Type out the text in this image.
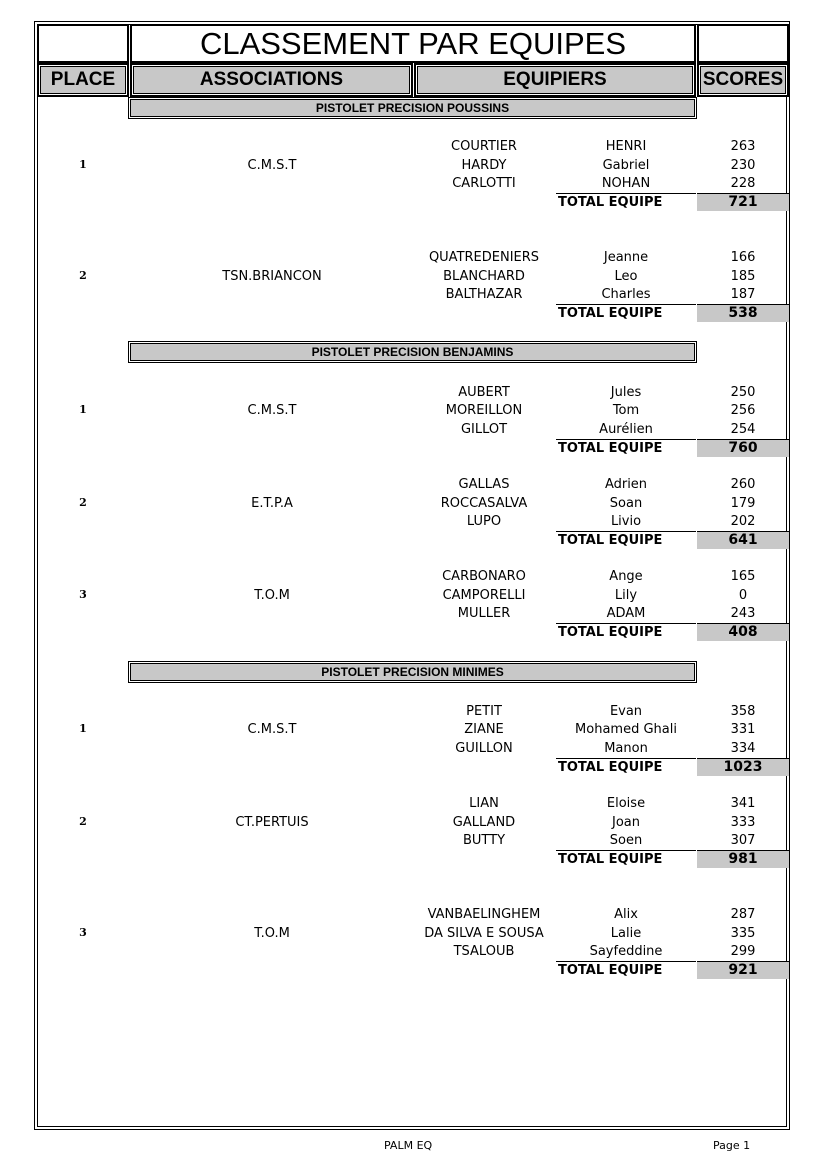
CLASSEMENT PAR EQUIPES
PLACE	ASSOCIATIONS	EQUIPIERS	SCORES
PISTOLET PRECISION POUSSINS
1	C.M.S.T
COURTIER	HENRI	263
HARDY	Gabriel	230
CARLOTTI	NOHAN	228
TOTAL EQUIPE	721
2	TSN.BRIANCON
QUATREDENIERS	Jeanne	166
BLANCHARD	Leo	185
BALTHAZAR	Charles	187
TOTAL EQUIPE	538
PISTOLET PRECISION BENJAMINS
1	C.M.S.T
AUBERT	Jules	250
MOREILLON	Tom	256
GILLOT	Aurélien	254
TOTAL EQUIPE	760
2	E.T.P.A
GALLAS	Adrien	260
ROCCASALVA	Soan	179
LUPO	Livio	202
TOTAL EQUIPE	641
3	T.O.M
CARBONARO	Ange	165
CAMPORELLI	Lily	0
MULLER	ADAM	243
TOTAL EQUIPE	408
PISTOLET PRECISION MINIMES
1	C.M.S.T
PETIT	Evan	358
ZIANE	Mohamed Ghali	331
GUILLON	Manon	334
TOTAL EQUIPE	1023
2	CT.PERTUIS
LIAN	Eloise	341
GALLAND	Joan	333
BUTTY	Soen	307
TOTAL EQUIPE	981
3	T.O.M
VANBAELINGHEM	Alix	287
DA SILVA E SOUSA	Lalie	335
TSALOUB	Sayfeddine	299
TOTAL EQUIPE	921
PALM EQ	Page 1
